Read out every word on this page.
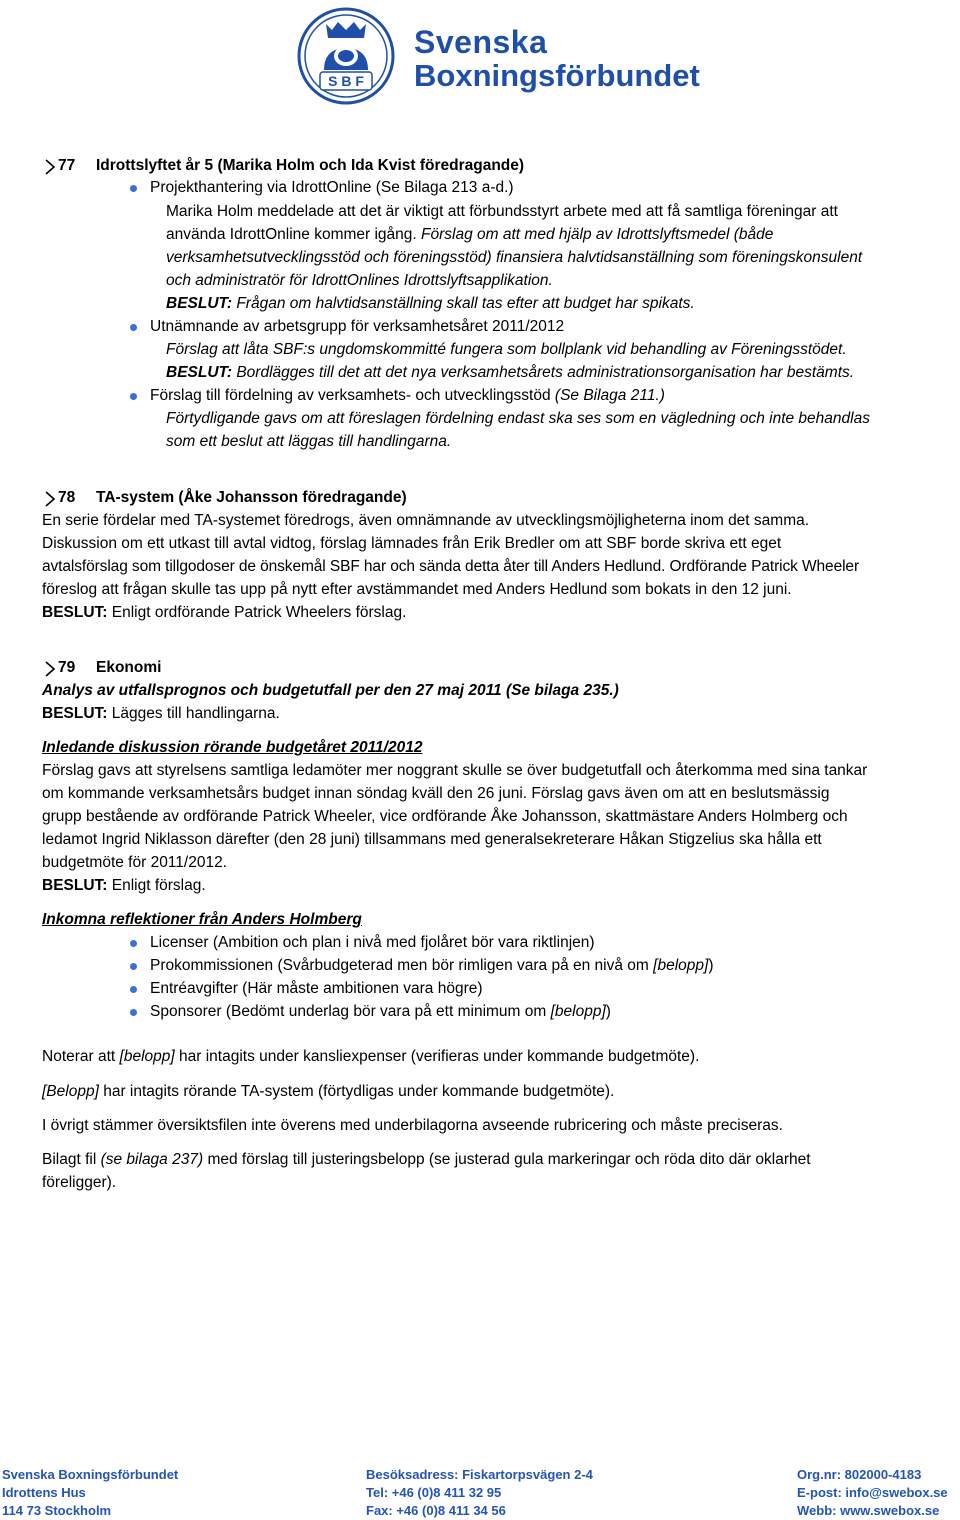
S B F
Svenska
Boxningsförbundet
77 Idrottslyftet år 5 (Marika Holm och Ida Kvist föredragande)
Projekthantering via IdrottOnline (Se Bilaga 213 a-d.)
Marika Holm meddelade att det är viktigt att förbundsstyrt arbete med att få samtliga föreningar att
använda IdrottOnline kommer igång. Förslag om att med hjälp av Idrottslyftsmedel (både
verksamhetsutvecklingsstöd och föreningsstöd) finansiera halvtidsanställning som föreningskonsulent
och administratör för IdrottOnlines Idrottslyftsapplikation.
BESLUT: Frågan om halvtidsanställning skall tas efter att budget har spikats.
Utnämnande av arbetsgrupp för verksamhetsåret 2011/2012
Förslag att låta SBF:s ungdomskommitté fungera som bollplank vid behandling av Föreningsstödet.
BESLUT: Bordlägges till det att det nya verksamhetsårets administrationsorganisation har bestämts.
Förslag till fördelning av verksamhets- och utvecklingsstöd (Se Bilaga 211.)
Förtydligande gavs om att föreslagen fördelning endast ska ses som en vägledning och inte behandlas
som ett beslut att läggas till handlingarna.
78 TA-system (Åke Johansson föredragande)
En serie fördelar med TA-systemet föredrogs, även omnämnande av utvecklingsmöjligheterna inom det samma.
Diskussion om ett utkast till avtal vidtog, förslag lämnades från Erik Bredler om att SBF borde skriva ett eget
avtalsförslag som tillgodoser de önskemål SBF har och sända detta åter till Anders Hedlund. Ordförande Patrick Wheeler
föreslog att frågan skulle tas upp på nytt efter avstämmandet med Anders Hedlund som bokats in den 12 juni.
BESLUT: Enligt ordförande Patrick Wheelers förslag.
79 Ekonomi
Analys av utfallsprognos och budgetutfall per den 27 maj 2011 (Se bilaga 235.)
BESLUT: Lägges till handlingarna.
Inledande diskussion rörande budgetåret 2011/2012
Förslag gavs att styrelsens samtliga ledamöter mer noggrant skulle se över budgetutfall och återkomma med sina tankar
om kommande verksamhetsårs budget innan söndag kväll den 26 juni. Förslag gavs även om att en beslutsmässig
grupp bestående av ordförande Patrick Wheeler, vice ordförande Åke Johansson, skattmästare Anders Holmberg och
ledamot Ingrid Niklasson därefter (den 28 juni) tillsammans med generalsekreterare Håkan Stigzelius ska hålla ett
budgetmöte för 2011/2012.
BESLUT: Enligt förslag.
Inkomna reflektioner från Anders Holmberg
Licenser (Ambition och plan i nivå med fjolåret bör vara riktlinjen)
Prokommissionen (Svårbudgeterad men bör rimligen vara på en nivå om [belopp])
Entréavgifter (Här måste ambitionen vara högre)
Sponsorer (Bedömt underlag bör vara på ett minimum om [belopp])
Noterar att [belopp] har intagits under kansliexpenser (verifieras under kommande budgetmöte).
[Belopp] har intagits rörande TA-system (förtydligas under kommande budgetmöte).
I övrigt stämmer översiktsfilen inte överens med underbilagorna avseende rubricering och måste preciseras.
Bilagt fil (se bilaga 237) med förslag till justeringsbelopp (se justerad gula markeringar och röda dito där oklarhet
föreligger).
Svenska Boxningsförbundet
Idrottens Hus
114 73 Stockholm
Besöksadress: Fiskartorpsvägen 2-4
Tel: +46 (0)8 411 32 95
Fax: +46 (0)8 411 34 56
Org.nr: 802000-4183
E-post: info@swebox.se
Webb: www.swebox.se
